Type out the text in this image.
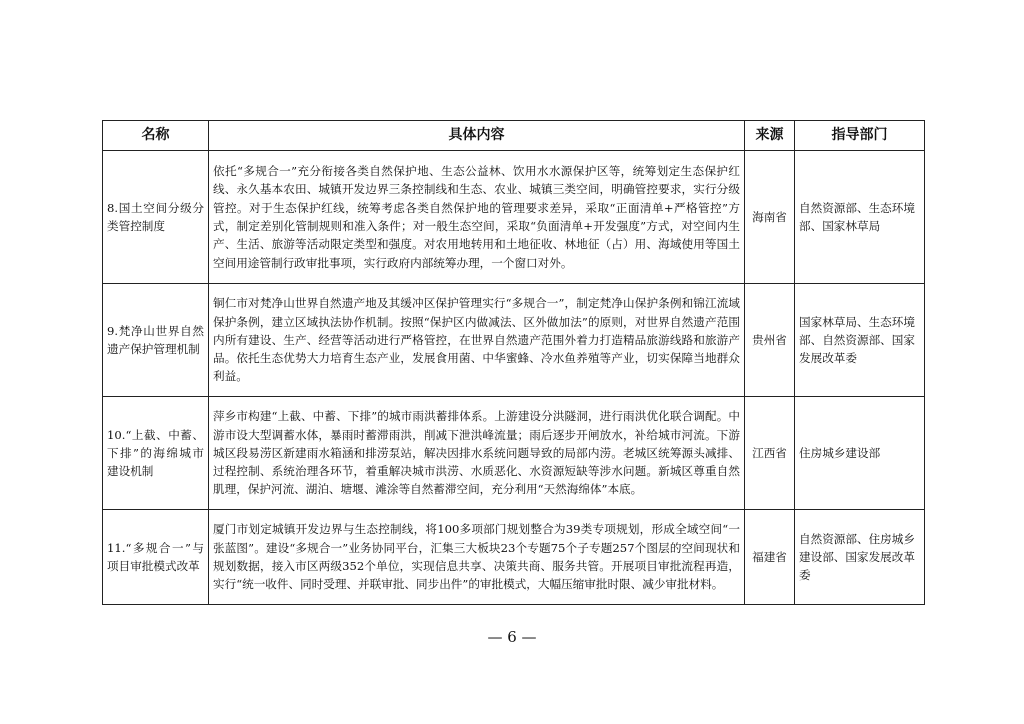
名称	具体内容	来源	指导部门
8.国土空间分级分类管控制度	依托“多规合一”充分衔接各类自然保护地、生态公益林、饮用水水源保护区等，统筹划定生态保护红线、永久基本农田、城镇开发边界三条控制线和生态、农业、城镇三类空间，明确管控要求，实行分级管控。对于生态保护红线，统筹考虑各类自然保护地的管理要求差异，采取“正面清单+严格管控”方式，制定差别化管制规则和准入条件；对一般生态空间，采取“负面清单+开发强度”方式，对空间内生产、生活、旅游等活动限定类型和强度。对农用地转用和土地征收、林地征（占）用、海域使用等国土空间用途管制行政审批事项，实行政府内部统筹办理，一个窗口对外。	海南省	自然资源部、生态环境部、国家林草局
9.梵净山世界自然遗产保护管理机制	铜仁市对梵净山世界自然遗产地及其缓冲区保护管理实行“多规合一”，制定梵净山保护条例和锦江流域保护条例，建立区域执法协作机制。按照“保护区内做减法、区外做加法”的原则，对世界自然遗产范围内所有建设、生产、经营等活动进行严格管控，在世界自然遗产范围外着力打造精品旅游线路和旅游产品。依托生态优势大力培育生态产业，发展食用菌、中华蜜蜂、冷水鱼养殖等产业，切实保障当地群众利益。	贵州省	国家林草局、生态环境部、自然资源部、国家发展改革委
10.“上截、中蓄、下排”的海绵城市建设机制	萍乡市构建“上截、中蓄、下排”的城市雨洪蓄排体系。上游建设分洪隧洞，进行雨洪优化联合调配。中游市设大型调蓄水体，暴雨时蓄滞雨洪，削减下泄洪峰流量；雨后逐步开闸放水，补给城市河流。下游城区段易涝区新建雨水箱涵和排涝泵站，解决因排水系统问题导致的局部内涝。老城区统筹源头减排、过程控制、系统治理各环节，着重解决城市洪涝、水质恶化、水资源短缺等涉水问题。新城区尊重自然肌理，保护河流、湖泊、塘堰、滩涂等自然蓄滞空间，充分利用“天然海绵体”本底。	江西省	住房城乡建设部
11.“多规合一”与项目审批模式改革	厦门市划定城镇开发边界与生态控制线，将100多项部门规划整合为39类专项规划，形成全域空间“一张蓝图”。建设“多规合一”业务协同平台，汇集三大板块23个专题75个子专题257个图层的空间现状和规划数据，接入市区两级352个单位，实现信息共享、决策共商、服务共管。开展项目审批流程再造，实行“统一收件、同时受理、并联审批、同步出件”的审批模式，大幅压缩审批时限、减少审批材料。	福建省	自然资源部、住房城乡建设部、国家发展改革委
— 6 —
